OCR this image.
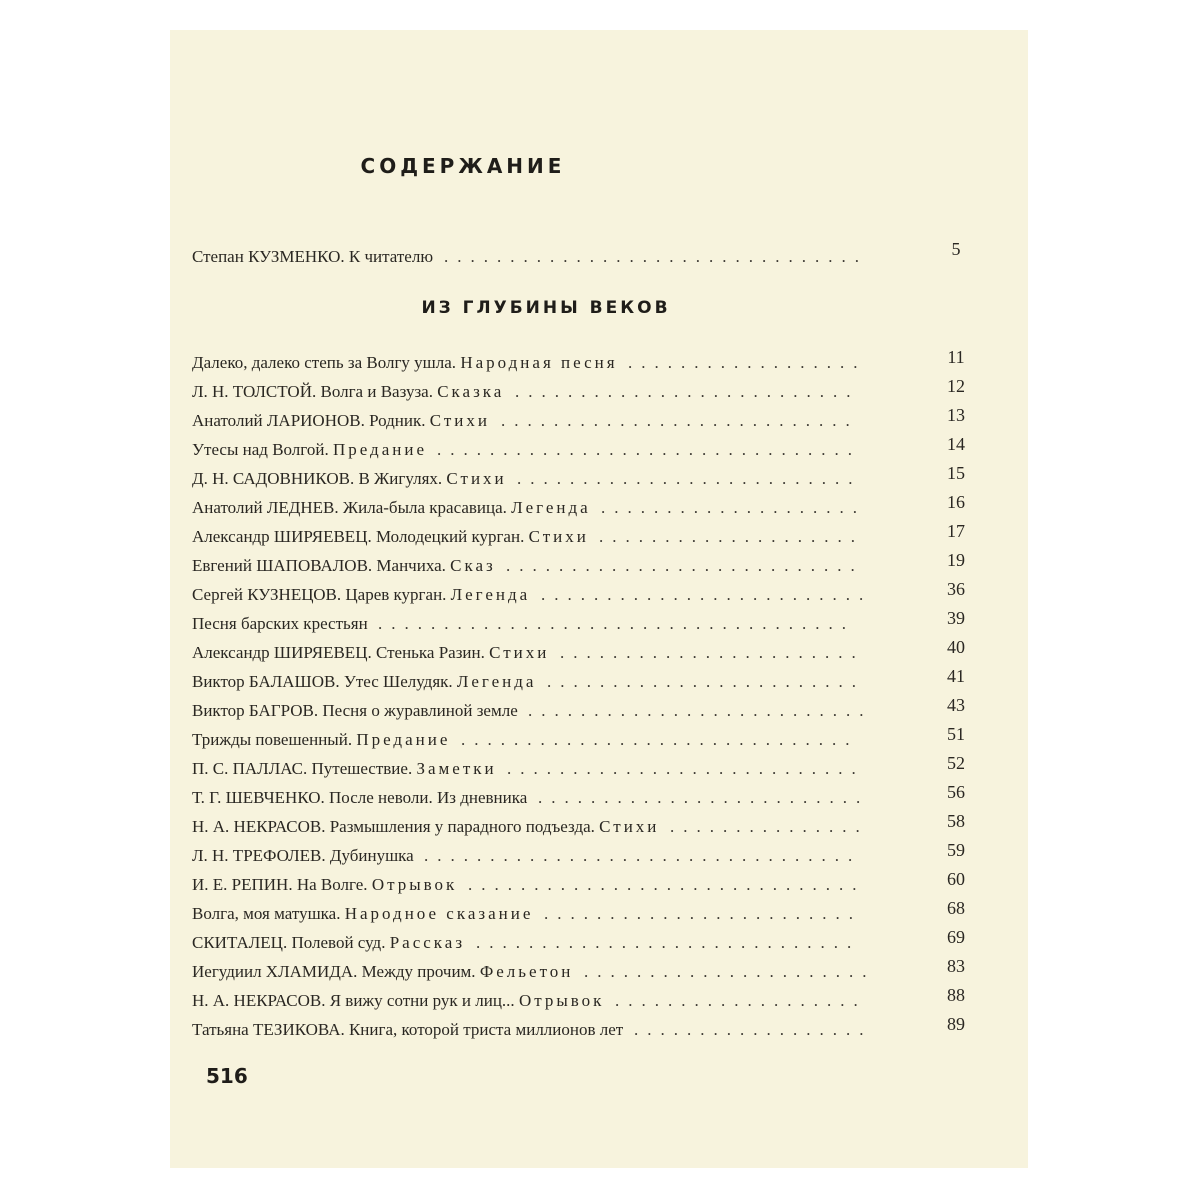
СОДЕРЖАНИЕ
Степан КУЗМЕНКО. К читателю ................................	5
ИЗ ГЛУБИНЫ ВЕКОВ
Далеко, далеко степь за Волгу ушла. Народная песня ..................	11
Л. Н. ТОЛСТОЙ. Волга и Вазуза. Сказка ..........................	12
Анатолий ЛАРИОНОВ. Родник. Стихи ...........................	13
Утесы над Волгой. Предание ................................	14
Д. Н. САДОВНИКОВ. В Жигулях. Стихи ..........................	15
Анатолий ЛЕДНЕВ. Жила-была красавица. Легенда ....................	16
Александр ШИРЯЕВЕЦ. Молодецкий курган. Стихи ....................	17
Евгений ШАПОВАЛОВ. Манчиха. Сказ ...........................	19
Сергей КУЗНЕЦОВ. Царев курган. Легенда .........................	36
Песня барских крестьян ....................................	39
Александр ШИРЯЕВЕЦ. Стенька Разин. Стихи .......................	40
Виктор БАЛАШОВ. Утес Шелудяк. Легенда ........................	41
Виктор БАГРОВ. Песня о журавлиной земле ..........................	43
Трижды повешенный. Предание ..............................	51
П. С. ПАЛЛАС. Путешествие. Заметки ...........................	52
Т. Г. ШЕВЧЕНКО. После неволи. Из дневника .........................	56
Н. А. НЕКРАСОВ. Размышления у парадного подъезда. Стихи ...............	58
Л. Н. ТРЕФОЛЕВ. Дубинушка .................................	59
И. Е. РЕПИН. На Волге. Отрывок ..............................	60
Волга, моя матушка. Народное сказание ........................	68
СКИТАЛЕЦ. Полевой суд. Рассказ .............................	69
Иегудиил ХЛАМИДА. Между прочим. Фельетон ......................	83
Н. А. НЕКРАСОВ. Я вижу сотни рук и лиц... Отрывок ...................	88
Татьяна ТЕЗИКОВА. Книга, которой триста миллионов лет ..................	89
516
